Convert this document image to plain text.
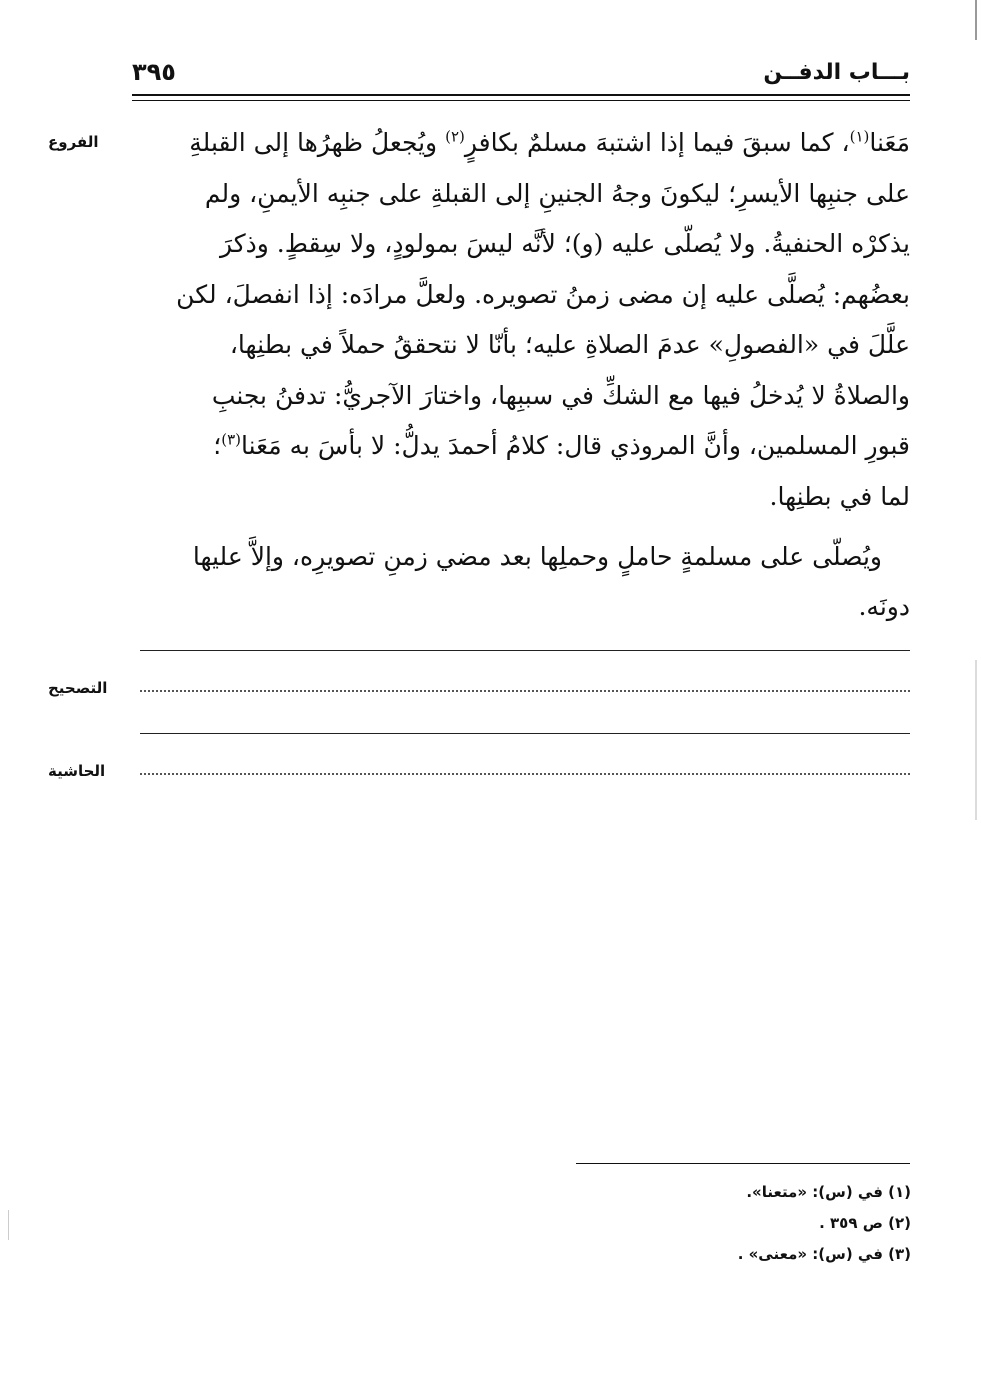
بـــاب الدفــن
٣٩٥
الفروع	مَعَنا$^{(١)}$، كما سبقَ فيما إذا اشتبهَ مسلمٌ بكافرٍ$^{(٢)}$ ويُجعلُ ظهرُها إلى القبلةِ
على جنبِها الأيسرِ؛ ليكونَ وجهُ الجنينِ إلى القبلةِ على جنبِه الأيمنِ، ولم
يذكرْه الحنفيةُ. ولا يُصلّى عليه (و)؛ لأنَّه ليسَ بمولودٍ، ولا سِقطٍ. وذكرَ
بعضُهم: يُصلَّى عليه إن مضى زمنُ تصويره. ولعلَّ مرادَه: إذا انفصلَ، لكن
علَّلَ في «الفصولِ» عدمَ الصلاةِ عليه؛ بأنّا لا نتحققُ حملاً في بطنِها،
والصلاةُ لا يُدخلُ فيها مع الشكِّ في سببِها، واختارَ الآجريُّ: تدفنُ بجنبِ
قبورِ المسلمين، وأنَّ المروذي قال: كلامُ أحمدَ يدلُّ: لا بأسَ به مَعَنا$^{(٣)}$؛
لما في بطنِها.
ويُصلّى على مسلمةٍ حاملٍ وحملِها بعد مضي زمنِ تصويرِه، وإلاَّ عليها
دونَه.
التصحيح
الحاشية
(١) في (س): «متعنا».
(٢) ص ٣٥٩ .
(٣) في (س): «معنى» .
